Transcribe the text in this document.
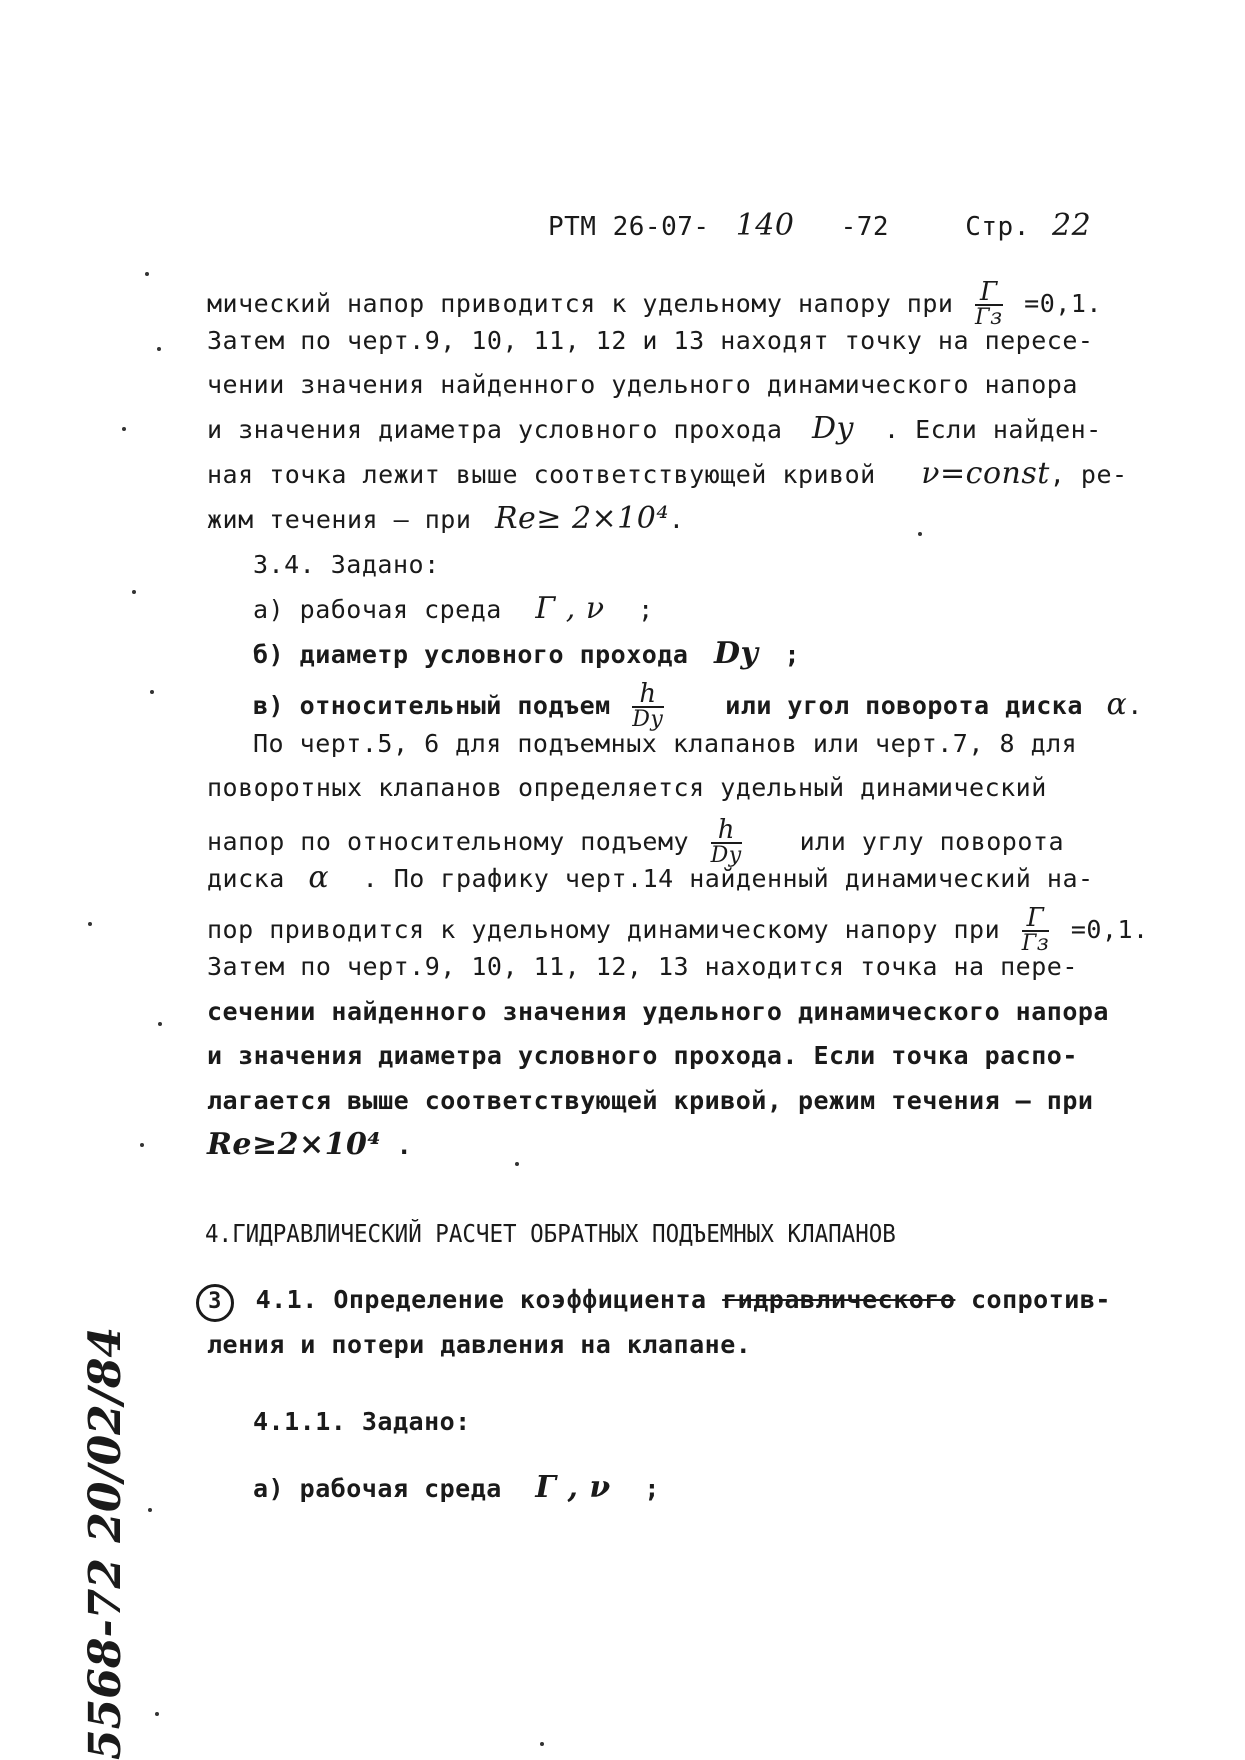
РТМ 26-07- 140 -72	Стр. 22
мический напор приводится к удельному напору при $\frac{Г}{Гз} =0,1$.
Затем по черт.9, 10, 11, 12 и 13 находят точку на пересе-
чении значения найденного удельного динамического напора
и значения диаметра условного прохода Dу . Если найден-
ная точка лежит выше соответствующей кривой ν=const, ре-
жим течения – при Re≥ 2×10⁴.
3.4. Задано:
а) рабочая среда Г , ν ;
б) диаметр условного прохода Dу ;
в) относительный подъем $\frac{h}{Dу}$ или угол поворота диска α.
По черт.5, 6 для подъемных клапанов или черт.7, 8 для
поворотных клапанов определяется удельный динамический
напор по относительному подъему $\frac{h}{Dу}$ или углу поворота
диска α . По графику черт.14 найденный динамический на-
пор приводится к удельному динамическому напору при $\frac{Г}{Гз} =0,1$.
Затем по черт.9, 10, 11, 12, 13 находится точка на пере-
сечении найденного значения удельного динамического напора
и значения диаметра условного прохода. Если точка распо-
лагается выше соответствующей кривой, режим течения – при
Re≥2×10⁴ .
4.ГИДРАВЛИЧЕСКИЙ РАСЧЕТ ОБРАТНЫХ ПОДЪЕМНЫХ КЛАПАНОВ
3 4.1. Определение коэффициента гидравлического сопротив-
ления и потери давления на клапане.
4.1.1. Задано:
а) рабочая среда Г , ν ;
5568-72 20/02/84
